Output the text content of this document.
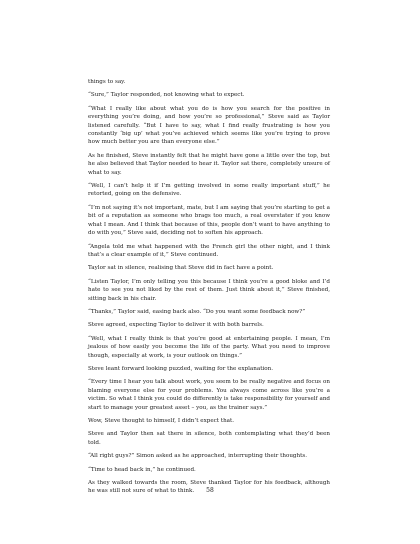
things to say.

“Sure,” Taylor responded, not knowing what to expect.

“What I really like about what you do is how you search for the positive in everything you’re doing, and how you’re so professional,” Steve said as Taylor listened carefully. “But I have to say, what I find really frustrating is how you constantly ‘big up’ what you’ve achieved which seems like you’re trying to prove how much better you are than everyone else.”

As he finished, Steve instantly felt that he might have gone a little over the top, but he also believed that Taylor needed to hear it. Taylor sat there, completely unsure of what to say.

“Well, I can’t help it if I’m getting involved in some really important stuff,” he retorted, going on the defensive.

“I’m not saying it’s not important, mate, but I am saying that you’re starting to get a bit of a reputation as someone who brags too much, a real overstater if you know what I mean. And I think that because of this, people don’t want to have anything to do with you,” Steve said, deciding not to soften his approach.

“Angela told me what happened with the French girl the other night, and I think that’s a clear example of it,” Steve continued.

Taylor sat in silence, realising that Steve did in fact have a point.

“Listen Taylor, I’m only telling you this because I think you’re a good bloke and I’d hate to see you not liked by the rest of them. Just think about it,” Steve finished, sitting back in his chair.

“Thanks,” Taylor said, easing back also. “Do you want some feedback now?”

Steve agreed, expecting Taylor to deliver it with both barrels.

“Well, what I really think is that you’re good at entertaining people. I mean, I’m jealous of how easily you become the life of the party. What you need to improve though, especially at work, is your outlook on things.”

Steve leant forward looking puzzled, waiting for the explanation.

“Every time I hear you talk about work, you seem to be really negative and focus on blaming everyone else for your problems. You always come across like you’re a victim. So what I think you could do differently is take responsibility for yourself and start to manage your greatest asset – you, as the trainer says.”

Wow, Steve thought to himself, I didn’t expect that.

Steve and Taylor then sat there in silence, both contemplating what they’d been told.

“All right guys?” Simon asked as he approached, interrupting their thoughts.

“Time to head back in,” he continued.

As they walked towards the room, Steve thanked Taylor for his feedback, although he was still not sure of what to think.	58
